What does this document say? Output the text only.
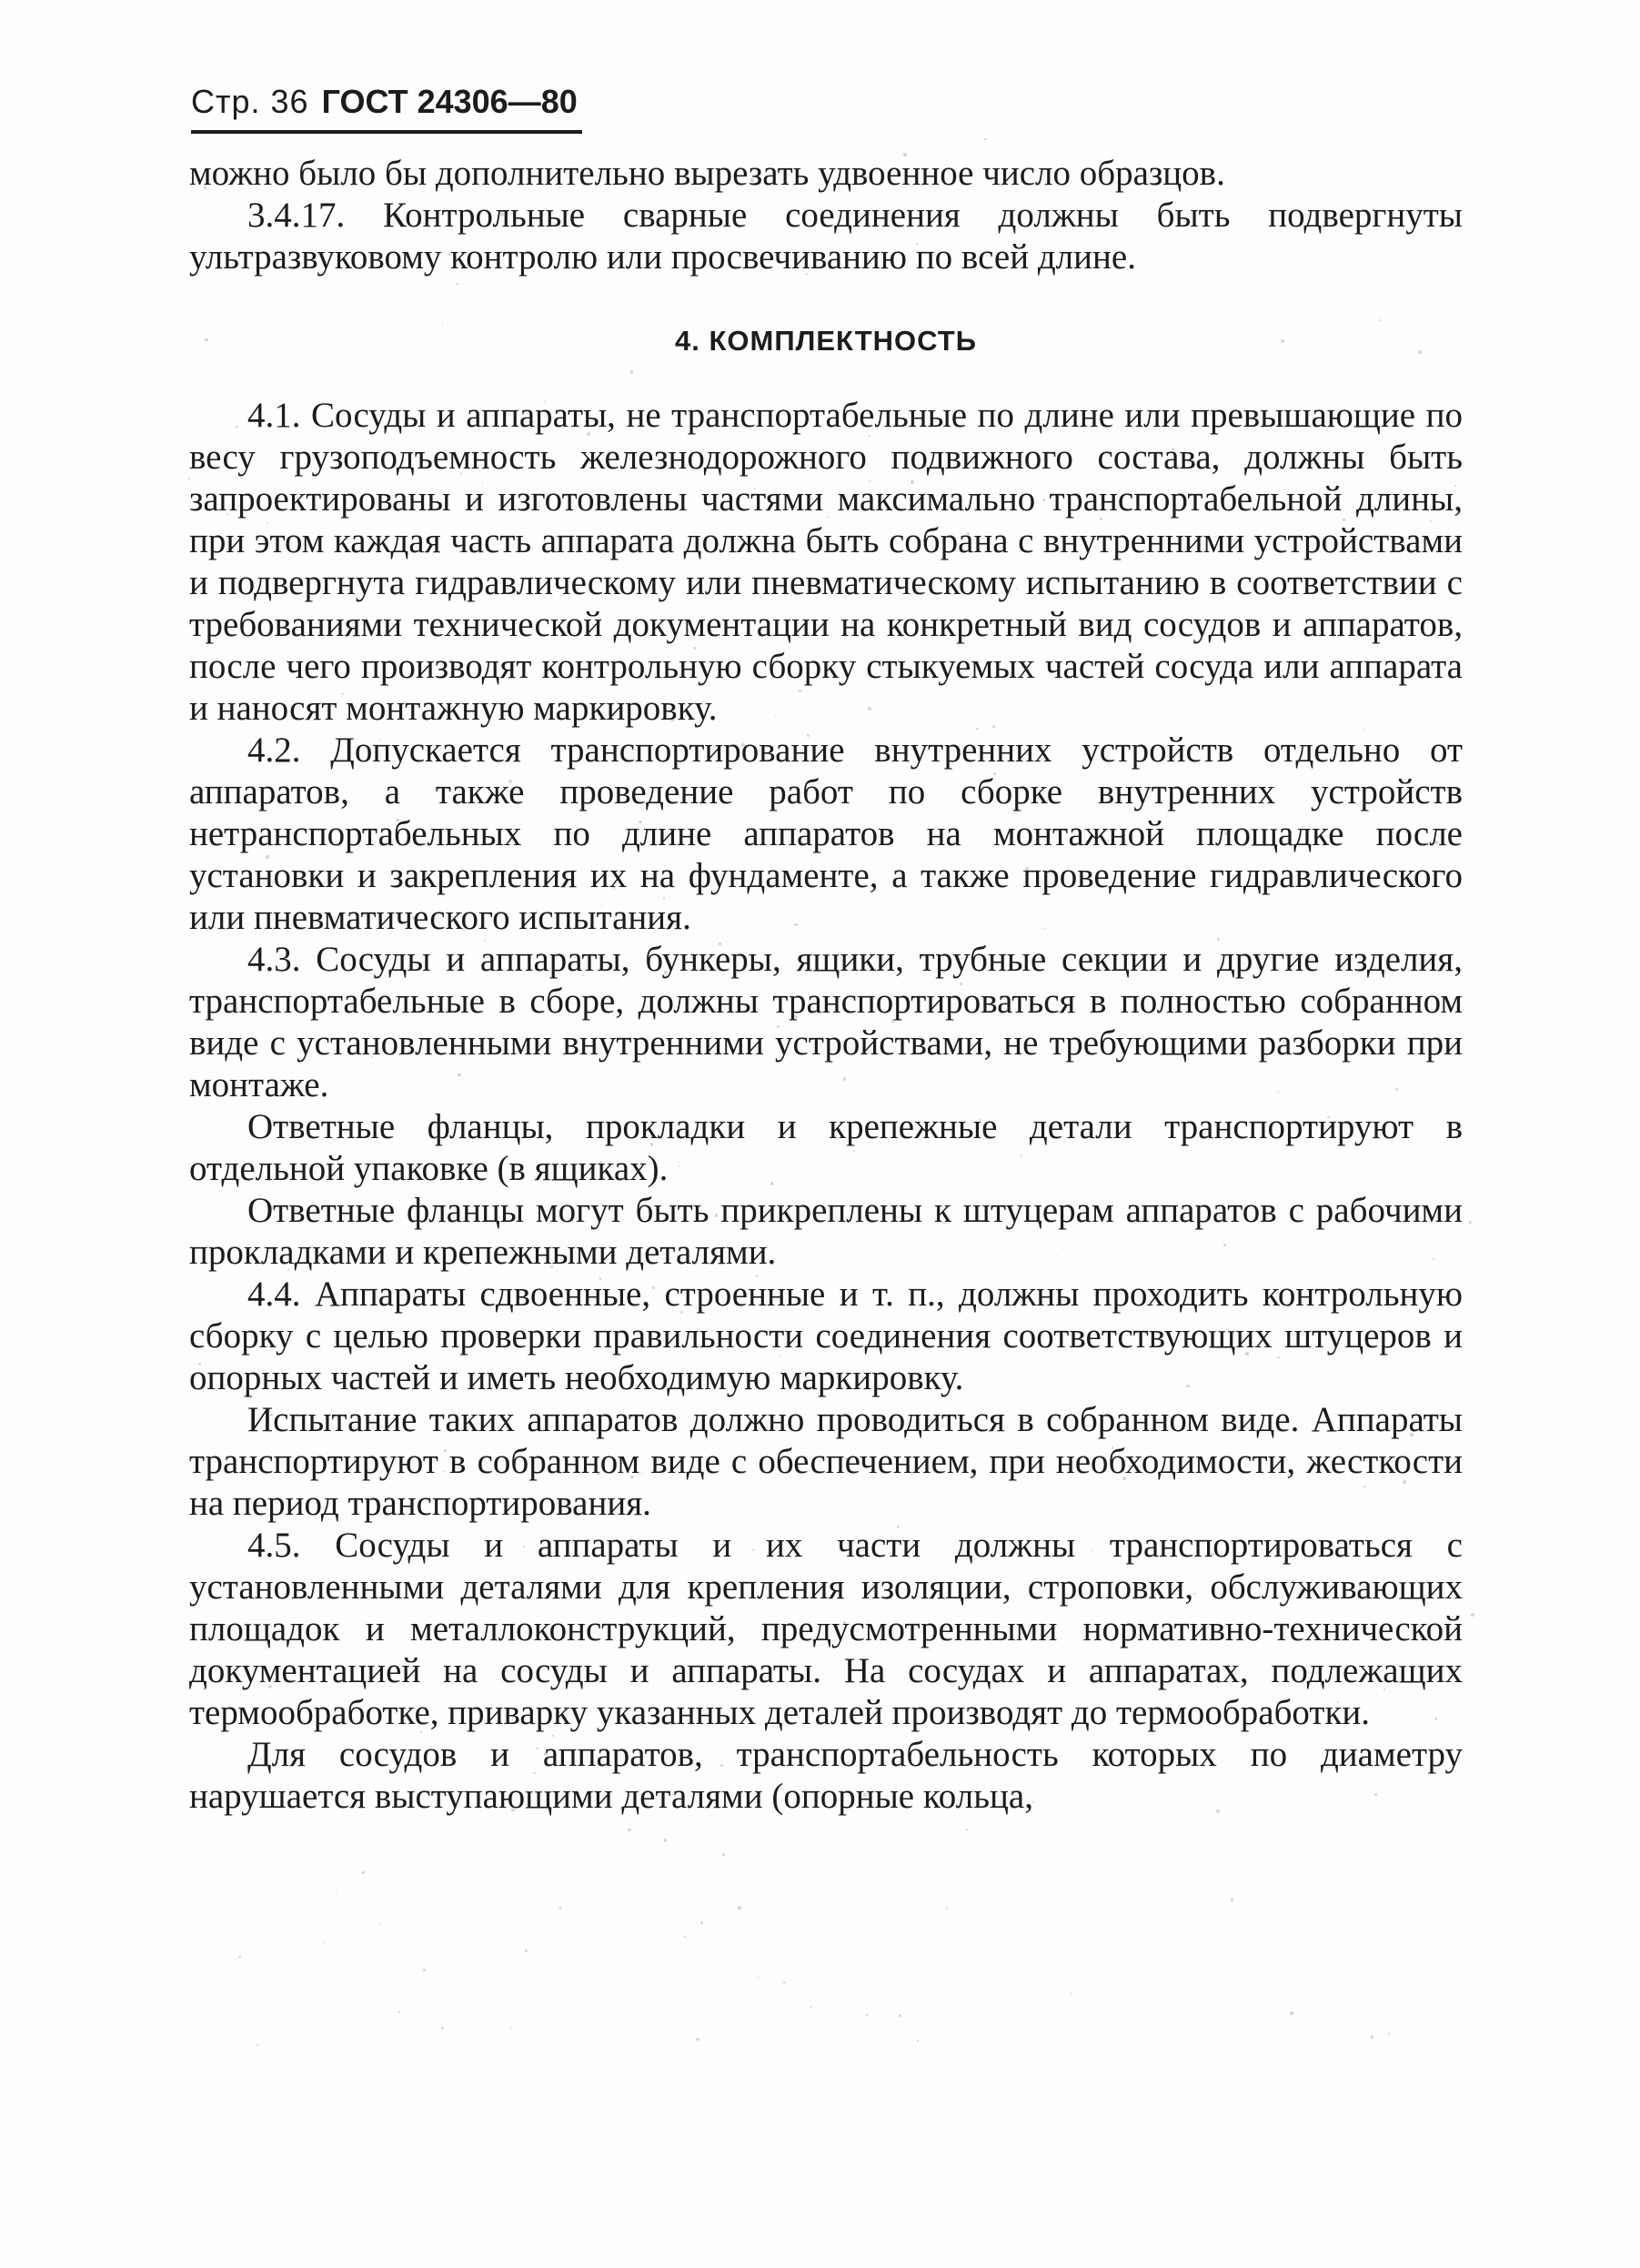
Стр. 36 ГОСТ 24306—80

можно было бы дополнительно вырезать удвоенное число образцов.

3.4.17. Контрольные сварные соединения должны быть подвергнуты ультразвуковому контролю или просвечиванию по всей длине.

4. КОМПЛЕКТНОСТЬ

4.1. Сосуды и аппараты, не транспортабельные по длине или превышающие по весу грузоподъемность железнодорожного подвижного состава, должны быть запроектированы и изготовлены частями максимально транспортабельной длины, при этом каждая часть аппарата должна быть собрана с внутренними устройствами и подвергнута гидравлическому или пневматическому испытанию в соответствии с требованиями технической документации на конкретный вид сосудов и аппаратов, после чего производят контрольную сборку стыкуемых частей сосуда или аппарата и наносят монтажную маркировку.

4.2. Допускается транспортирование внутренних устройств отдельно от аппаратов, а также проведение работ по сборке внутренних устройств нетранспортабельных по длине аппаратов на монтажной площадке после установки и закрепления их на фундаменте, а также проведение гидравлического или пневматического испытания.

4.3. Сосуды и аппараты, бункеры, ящики, трубные секции и другие изделия, транспортабельные в сборе, должны транспортироваться в полностью собранном виде с установленными внутренними устройствами, не требующими разборки при монтаже.

Ответные фланцы, прокладки и крепежные детали транспортируют в отдельной упаковке (в ящиках).

Ответные фланцы могут быть прикреплены к штуцерам аппаратов с рабочими прокладками и крепежными деталями.

4.4. Аппараты сдвоенные, строенные и т. п., должны проходить контрольную сборку с целью проверки правильности соединения соответствующих штуцеров и опорных частей и иметь необходимую маркировку.

Испытание таких аппаратов должно проводиться в собранном виде. Аппараты транспортируют в собранном виде с обеспечением, при необходимости, жесткости на период транспортирования.

4.5. Сосуды и аппараты и их части должны транспортироваться с установленными деталями для крепления изоляции, строповки, обслуживающих площадок и металлоконструкций, предусмотренными нормативно-технической документацией на сосуды и аппараты. На сосудах и аппаратах, подлежащих термообработке, приварку указанных деталей производят до термообработки.

Для сосудов и аппаратов, транспортабельность которых по диаметру нарушается выступающими деталями (опорные кольца,
